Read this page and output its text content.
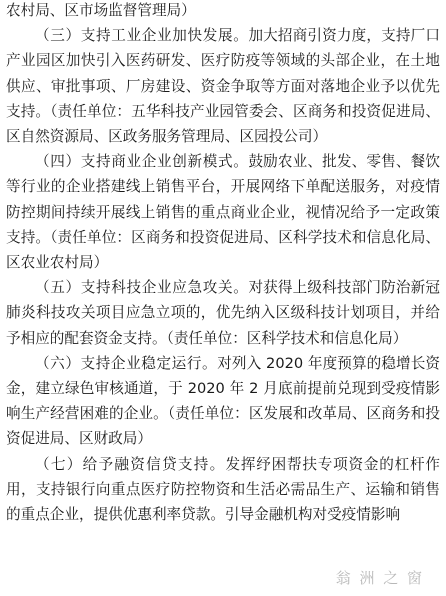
农村局、区市场监督管理局）

（三）支持工业企业加快发展。加大招商引资力度，支持厂口产业园区加快引入医药研发、医疗防疫等领域的头部企业，在土地供应、审批事项、厂房建设、资金争取等方面对落地企业予以优先支持。（责任单位：五华科技产业园管委会、区商务和投资促进局、区自然资源局、区政务服务管理局、区园投公司）

（四）支持商业企业创新模式。鼓励农业、批发、零售、餐饮等行业的企业搭建线上销售平台，开展网络下单配送服务，对疫情防控期间持续开展线上销售的重点商业企业，视情况给予一定政策支持。（责任单位：区商务和投资促进局、区科学技术和信息化局、区农业农村局）

（五）支持科技企业应急攻关。对获得上级科技部门防治新冠肺炎科技攻关项目应急立项的，优先纳入区级科技计划项目，并给予相应的配套资金支持。（责任单位：区科学技术和信息化局）

（六）支持企业稳定运行。对列入 2020 年度预算的稳增长资金，建立绿色审核通道，于 2020 年 2 月底前提前兑现到受疫情影响生产经营困难的企业。（责任单位：区发展和改革局、区商务和投资促进局、区财政局）

（七）给予融资信贷支持。发挥纾困帮扶专项资金的杠杆作用，支持银行向重点医疗防控物资和生活必需品生产、运输和销售的重点企业，提供优惠利率贷款。引导金融机构对受疫情影响

翁 洲 之 窗
